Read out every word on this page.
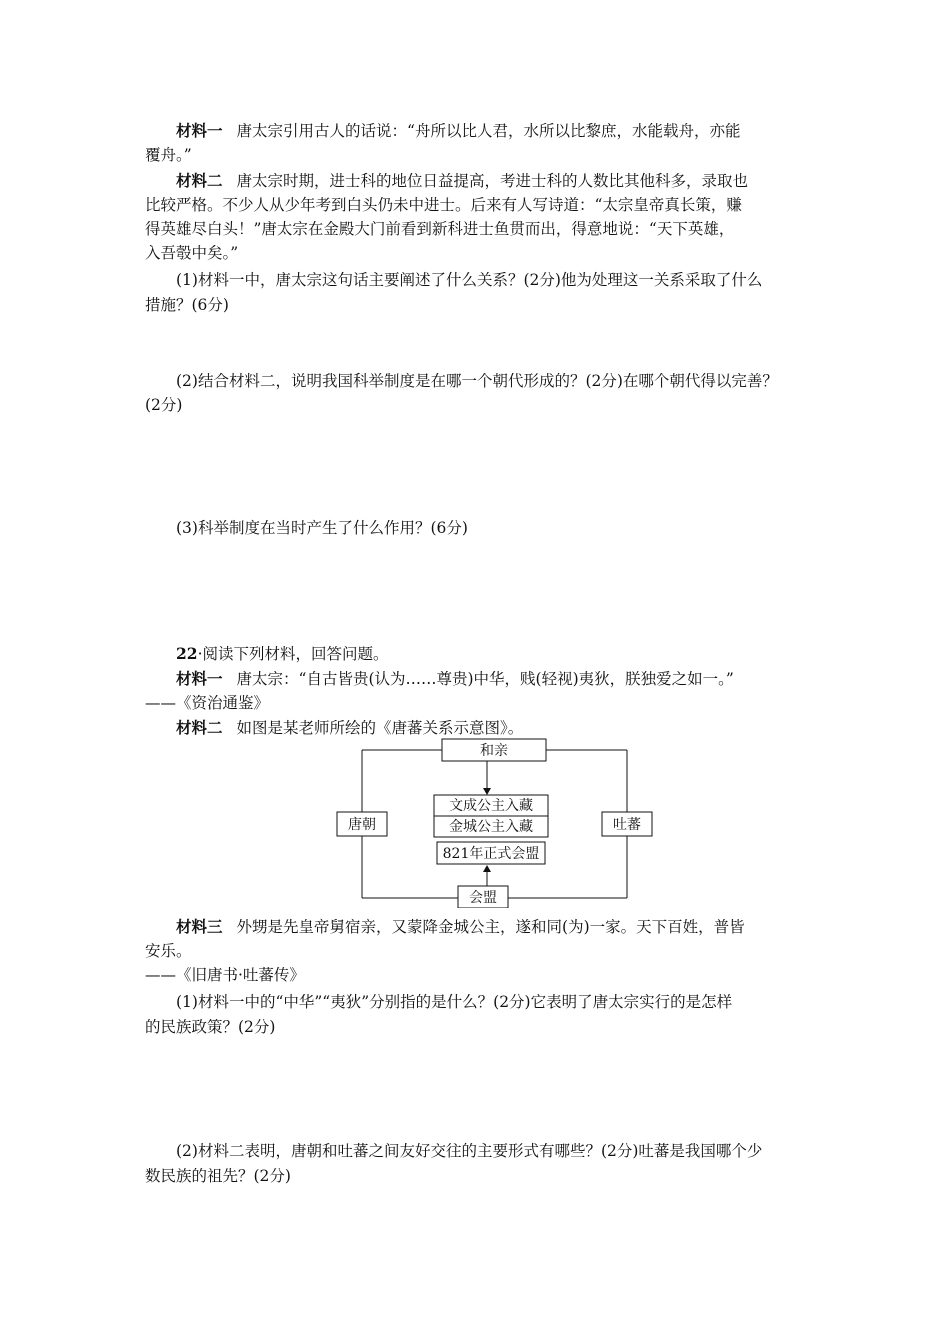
材料一 唐太宗引用古人的话说：“舟所以比人君，水所以比黎庶，水能载舟，亦能
覆舟。”
材料二 唐太宗时期，进士科的地位日益提高，考进士科的人数比其他科多，录取也
比较严格。不少人从少年考到白头仍未中进士。后来有人写诗道：“太宗皇帝真长策，赚
得英雄尽白头！”唐太宗在金殿大门前看到新科进士鱼贯而出，得意地说：“天下英雄，
入吾彀中矣。”
(1)材料一中，唐太宗这句话主要阐述了什么关系？(2分)他为处理这一关系采取了什么
措施？(6分)
(2)结合材料二，说明我国科举制度是在哪一个朝代形成的？(2分)在哪个朝代得以完善？
(2分)
(3)科举制度在当时产生了什么作用？(6分)
22·阅读下列材料，回答问题。
材料一 唐太宗：“自古皆贵(认为……尊贵)中华，贱(轻视)夷狄，朕独爱之如一。”
——《资治通鉴》
材料二 如图是某老师所绘的《唐蕃关系示意图》。
和亲
文成公主入藏
金城公主入藏
821年正式会盟
唐朝	吐蕃
会盟
材料三 外甥是先皇帝舅宿亲，又蒙降金城公主，遂和同(为)一家。天下百姓，普皆
安乐。
——《旧唐书·吐蕃传》
(1)材料一中的“中华”“夷狄”分别指的是什么？(2分)它表明了唐太宗实行的是怎样
的民族政策？(2分)
(2)材料二表明，唐朝和吐蕃之间友好交往的主要形式有哪些？(2分)吐蕃是我国哪个少
数民族的祖先？(2分)
